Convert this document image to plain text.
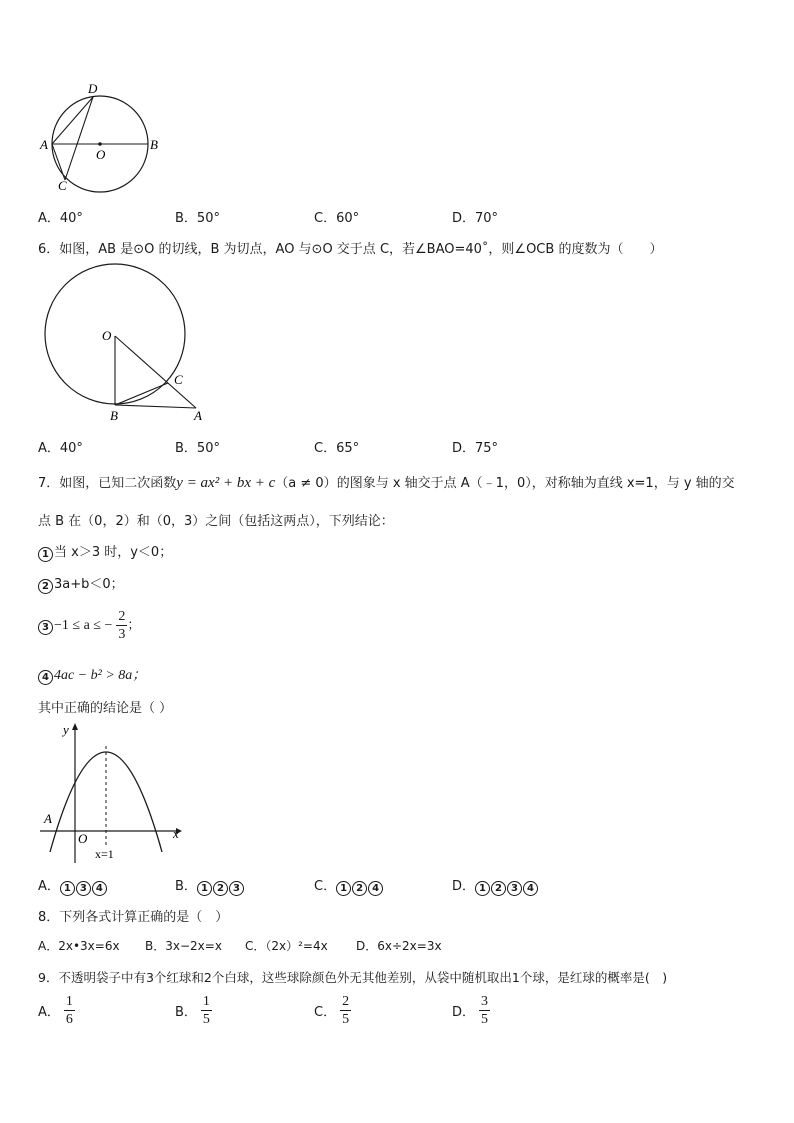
D
A
O
B
C
A．40°	B．50°	C．60°	D．70°
6．如图，AB 是⊙O 的切线，B 为切点，AO 与⊙O 交于点 C，若∠BAO=40˚，则∠OCB 的度数为（　　）
O
C
B	A
A．40°	B．50°	C．65°	D．75°
7．如图，已知二次函数y = ax² + bx + c（a ≠ 0）的图象与 x 轴交于点 A（﹣1，0），对称轴为直线 x=1，与 y 轴的交
点 B 在（0，2）和（0，3）之间（包括这两点），下列结论：
1 当 x＞3 时，y＜0；
2 3a+b＜0；
3 −1 ≤ a ≤ − $\frac{2}{3}$ ；
4 4ac − b² > 8a；
其中正确的结论是（ ）
y
A
O	x
x=1
A． 1 3 4	B． 1 2 3	C． 1 2 4	D． 1 2 3 4
8．下列各式计算正确的是（　）
A．2x•3x=6x B．3x−2x=x C．（2x）²=4x D．6x÷2x=3x
9．不透明袋子中有3个红球和2个白球，这些球除颜色外无其他差别，从袋中随机取出1个球，是红球的概率是(　)
A． $\frac{1}{6}$	B． $\frac{1}{5}$	C． $\frac{2}{5}$	D． $\frac{3}{5}$
